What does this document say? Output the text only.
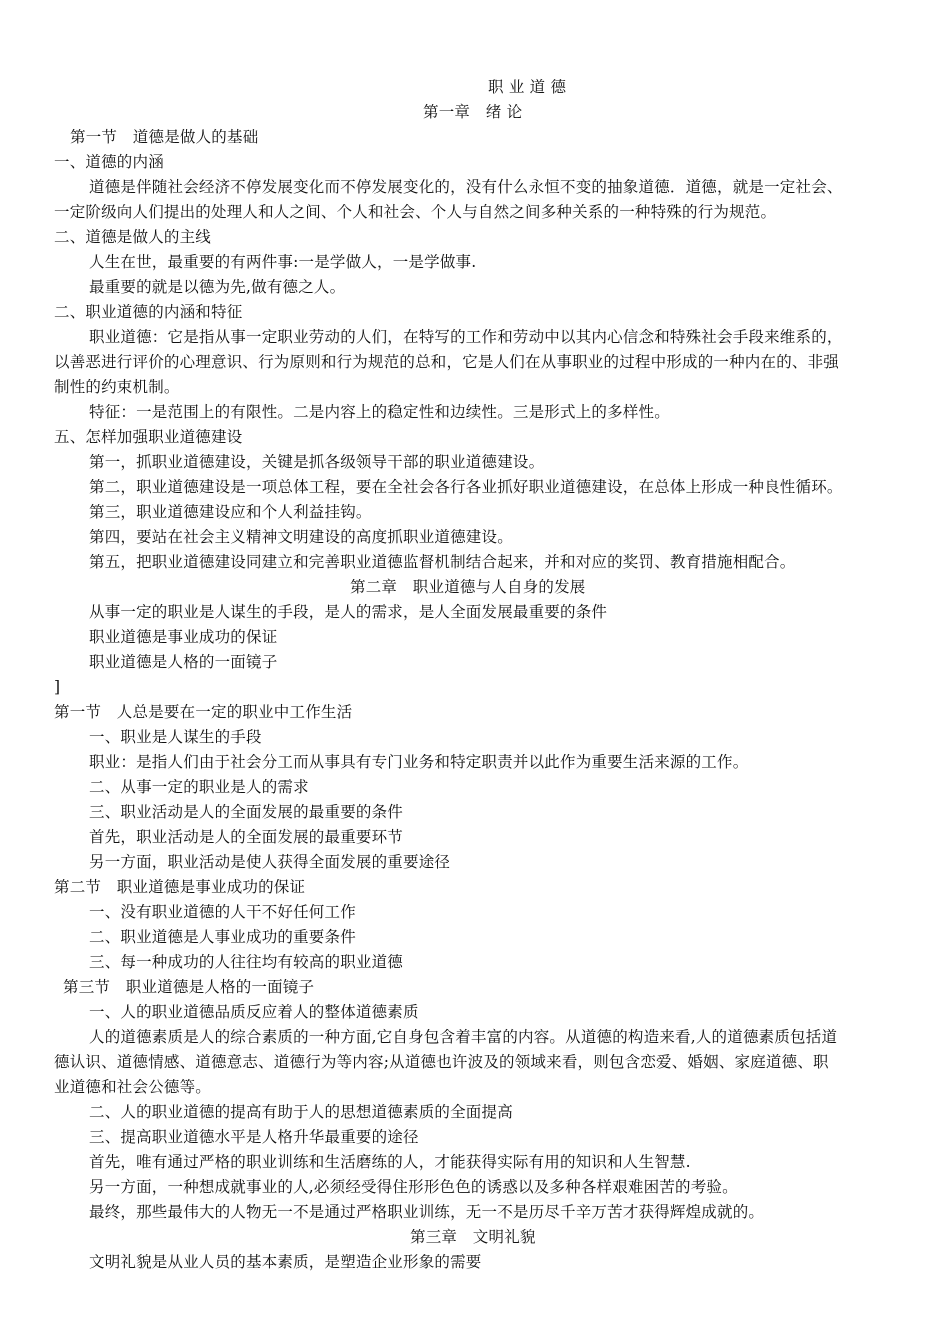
职 业 道 德

第一章　绪 论

第一节　道德是做人的基础

一、道德的内涵

道德是伴随社会经济不停发展变化而不停发展变化的，没有什么永恒不变的抽象道德．道德，就是一定社会、

一定阶级向人们提出的处理人和人之间、个人和社会、个人与自然之间多种关系的一种特殊的行为规范。

二、道德是做人的主线

人生在世，最重要的有两件事:一是学做人，一是学做事.

最重要的就是以德为先,做有德之人。

二、职业道德的内涵和特征

职业道德：它是指从事一定职业劳动的人们，在特写的工作和劳动中以其内心信念和特殊社会手段来维系的，

以善恶进行评价的心理意识、行为原则和行为规范的总和，它是人们在从事职业的过程中形成的一种内在的、非强

制性的约束机制。

特征：一是范围上的有限性。二是内容上的稳定性和边续性。三是形式上的多样性。

五、怎样加强职业道德建设

第一，抓职业道德建设，关键是抓各级领导干部的职业道德建设。

第二，职业道德建设是一项总体工程，要在全社会各行各业抓好职业道德建设，在总体上形成一种良性循环。

第三，职业道德建设应和个人利益挂钩。

第四，要站在社会主义精神文明建设的高度抓职业道德建设。

第五，把职业道德建设同建立和完善职业道德监督机制结合起来，并和对应的奖罚、教育措施相配合。

第二章　职业道德与人自身的发展

从事一定的职业是人谋生的手段，是人的需求，是人全面发展最重要的条件

职业道德是事业成功的保证

职业道德是人格的一面镜子

]

第一节　人总是要在一定的职业中工作生活

一、职业是人谋生的手段

职业：是指人们由于社会分工而从事具有专门业务和特定职责并以此作为重要生活来源的工作。

二、从事一定的职业是人的需求

三、职业活动是人的全面发展的最重要的条件

首先，职业活动是人的全面发展的最重要环节

另一方面，职业活动是使人获得全面发展的重要途径

第二节　职业道德是事业成功的保证

一、没有职业道德的人干不好任何工作

二、职业道德是人事业成功的重要条件

三、每一种成功的人往往均有较高的职业道德

第三节　职业道德是人格的一面镜子

一、人的职业道德品质反应着人的整体道德素质

人的道德素质是人的综合素质的一种方面,它自身包含着丰富的内容。从道德的构造来看,人的道德素质包括道

德认识、道德情感、道德意志、道德行为等内容;从道德也许波及的领域来看，则包含恋爱、婚姻、家庭道德、职

业道德和社会公德等。

二、人的职业道德的提高有助于人的思想道德素质的全面提高

三、提高职业道德水平是人格升华最重要的途径

首先，唯有通过严格的职业训练和生活磨练的人，才能获得实际有用的知识和人生智慧.

另一方面，一种想成就事业的人,必须经受得住形形色色的诱惑以及多种各样艰难困苦的考验。

最终，那些最伟大的人物无一不是通过严格职业训练，无一不是历尽千辛万苦才获得辉煌成就的。

第三章　文明礼貌

文明礼貌是从业人员的基本素质，是塑造企业形象的需要
